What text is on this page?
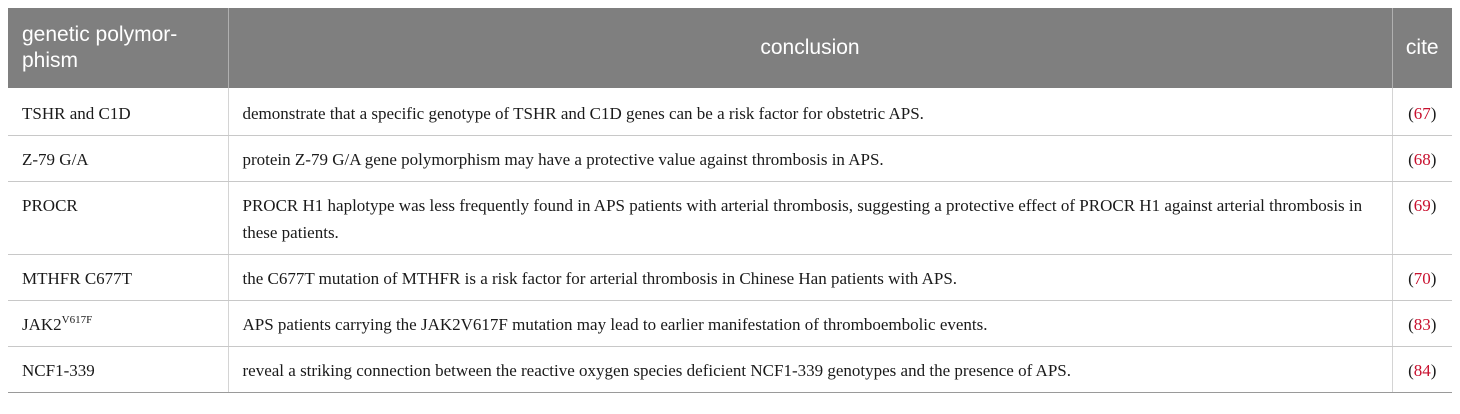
genetic polymor-
phism	conclusion	cite
TSHR and C1D	demonstrate that a specific genotype of TSHR and C1D genes can be a risk factor for obstetric APS.	(67)
Z-79 G/A	protein Z-79 G/A gene polymorphism may have a protective value against thrombosis in APS.	(68)
PROCR	PROCR H1 haplotype was less frequently found in APS patients with arterial thrombosis, suggesting a protective effect of PROCR H1 against arterial thrombosis in these patients.	(69)
MTHFR C677T	the C677T mutation of MTHFR is a risk factor for arterial thrombosis in Chinese Han patients with APS.	(70)
$JAK2^{V617F}$	APS patients carrying the JAK2V617F mutation may lead to earlier manifestation of thromboembolic events.	(83)
NCF1-339	reveal a striking connection between the reactive oxygen species deficient NCF1-339 genotypes and the presence of APS.	(84)
